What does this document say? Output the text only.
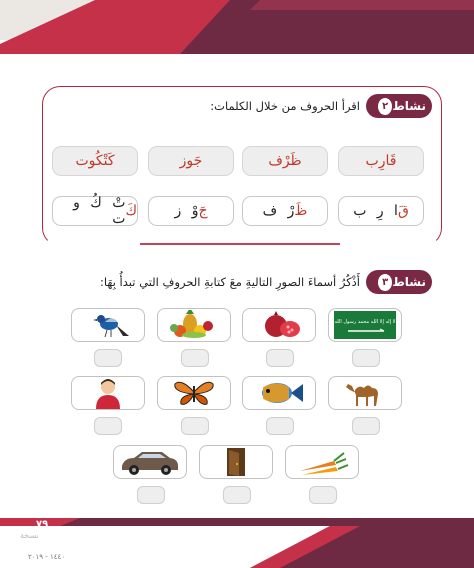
نشاط
٢
اقرأ الحروف من خلال الكلمات:
قَارِب
ظَرْف
جَوز
كَتْكُوت
قَ
ا رِ ب
ظَ
رْ ف
جَ
وْ ز
كَ
تْ كُ و ت
نشاط
٣
أَذْكُرُ أسماءَ الصورِ التاليةِ معَ كتابةِ الحروفِ التي تبدأُ بِهَا:
لا إله إلا الله محمد رسول الله
٧٩
نسخة
١٤٤٠ - ٢٠١٩
